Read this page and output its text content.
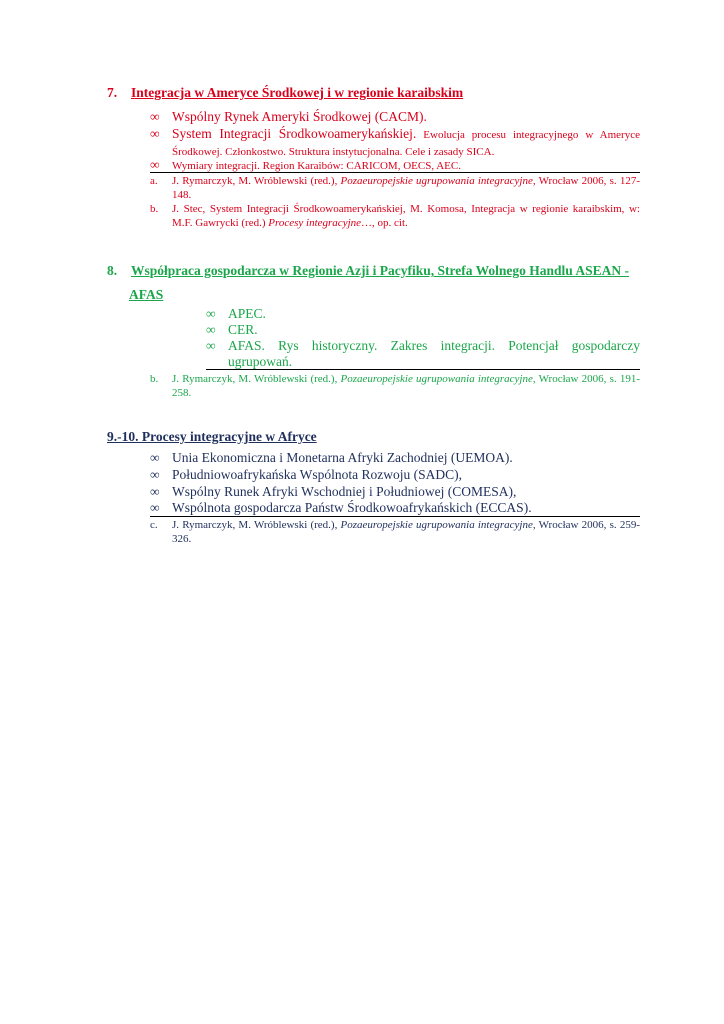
7. Integracja w Ameryce Środkowej i w regionie karaibskim
∞ Wspólny Rynek Ameryki Środkowej (CACM).
∞ System Integracji Środkowoamerykańskiej. Ewolucja procesu integracyjnego w Ameryce Środkowej. Członkostwo. Struktura instytucjonalna. Cele i zasady SICA.
∞ Wymiary integracji. Region Karaibów: CARICOM, OECS, AEC.
a. J. Rymarczyk, M. Wróblewski (red.), Pozaeuropejskie ugrupowania integracyjne, Wrocław 2006, s. 127-148.
b. J. Stec, System Integracji Środkowoamerykańskiej, M. Komosa, Integracja w regionie karaibskim, w: M.F. Gawrycki (red.) Procesy integracyjne…, op. cit.
8. Współpraca gospodarcza w Regionie Azji i Pacyfiku, Strefa Wolnego Handlu ASEAN -
AFAS
∞ APEC.
∞ CER.
∞ AFAS. Rys historyczny. Zakres integracji. Potencjał gospodarczy ugrupowań.
b. J. Rymarczyk, M. Wróblewski (red.), Pozaeuropejskie ugrupowania integracyjne, Wrocław 2006, s. 191-258.
9.-10. Procesy integracyjne w Afryce
∞ Unia Ekonomiczna i Monetarna Afryki Zachodniej (UEMOA).
∞ Południowoafrykańska Wspólnota Rozwoju (SADC),
∞ Wspólny Runek Afryki Wschodniej i Południowej (COMESA),
∞ Wspólnota gospodarcza Państw Środkowoafrykańskich (ECCAS).
c. J. Rymarczyk, M. Wróblewski (red.), Pozaeuropejskie ugrupowania integracyjne, Wrocław 2006, s. 259-326.
